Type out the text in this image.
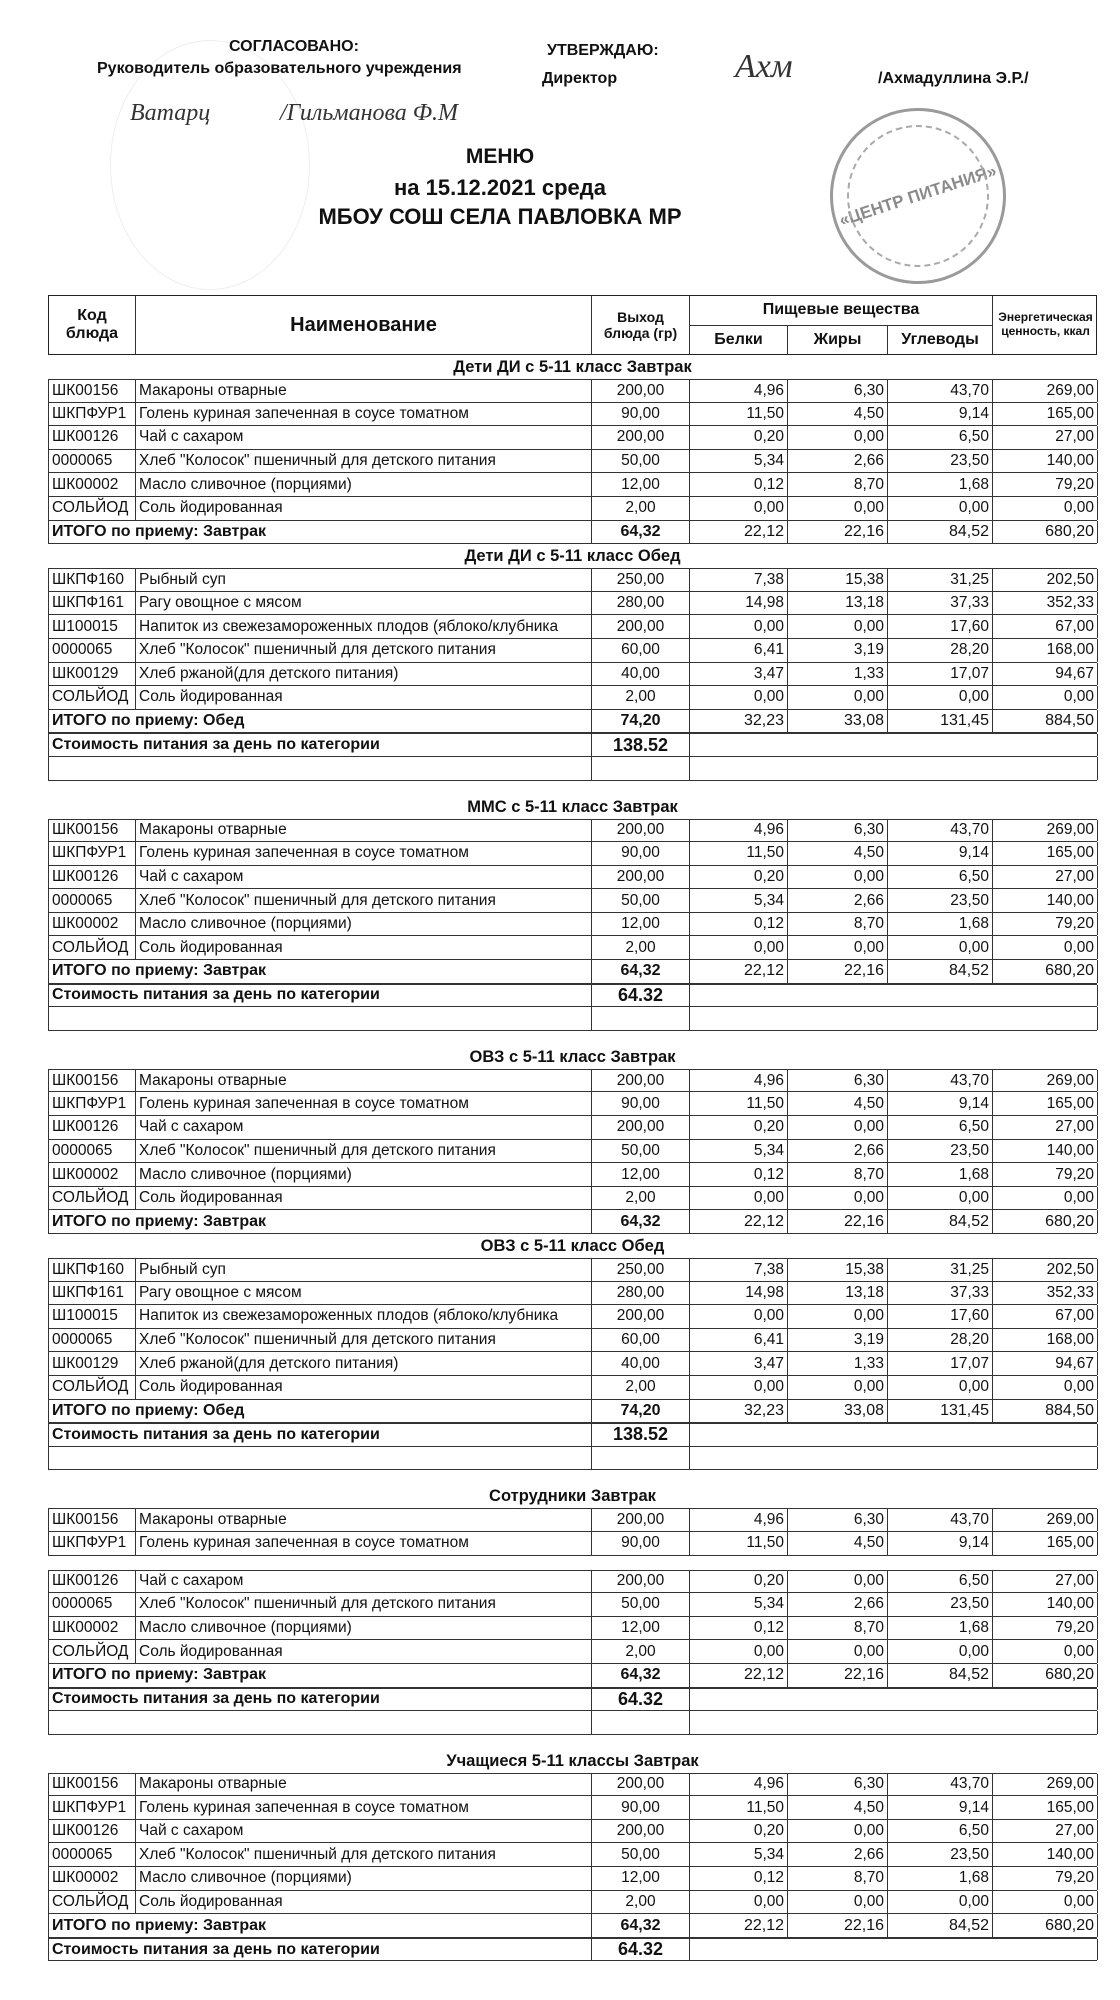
СОГЛАСОВАНО:
Руководитель образовательного учреждения
Ватарц	/Гильманова Ф.М
УТВЕРЖДАЮ:
Директор	Ахм	/Ахмадуллина Э.Р./
«ЦЕНТР ПИТАНИЯ»
МЕНЮ
на 15.12.2021 среда
МБОУ СОШ СЕЛА ПАВЛОВКА МР
Код блюда	Наименование	Выход блюда (гр)
Пищевые вещества	Энергетическая ценность, ккал
Белки	Жиры	Углеводы
Дети ДИ с 5-11 класс Завтрак
ШК00156	Макароны отварные	200,00	4,96	6,30	43,70	269,00
ШКПФУР1 Голень куриная запеченная в соусе томатном	90,00	11,50	4,50	9,14	165,00
ШК00126	Чай с сахаром	200,00	0,20	0,00	6,50	27,00
0000065	Хлеб "Колосок" пшеничный для детского питания	50,00	5,34	2,66	23,50	140,00
ШК00002	Масло сливочное (порциями)	12,00	0,12	8,70	1,68	79,20
СОЛЬЙОД Соль йодированная	2,00	0,00	0,00	0,00	0,00
ИТОГО по приему: Завтрак	64,32	22,12	22,16	84,52	680,20
Дети ДИ с 5-11 класс Обед
ШКПФ160 Рыбный суп	250,00	7,38	15,38	31,25	202,50
ШКПФ161 Рагу овощное с мясом	280,00	14,98	13,18	37,33	352,33
Ш100015	Напиток из свежезамороженных плодов (яблоко/клубника	200,00	0,00	0,00	17,60	67,00
0000065	Хлеб "Колосок" пшеничный для детского питания	60,00	6,41	3,19	28,20	168,00
ШК00129	Хлеб ржаной(для детского питания)	40,00	3,47	1,33	17,07	94,67
СОЛЬЙОД Соль йодированная	2,00	0,00	0,00	0,00	0,00
ИТОГО по приему: Обед	74,20	32,23	33,08	131,45	884,50
Стоимость питания за день по категории	138.52
ММС с 5-11 класс Завтрак
ШК00156	Макароны отварные	200,00	4,96	6,30	43,70	269,00
ШКПФУР1 Голень куриная запеченная в соусе томатном	90,00	11,50	4,50	9,14	165,00
ШК00126	Чай с сахаром	200,00	0,20	0,00	6,50	27,00
0000065	Хлеб "Колосок" пшеничный для детского питания	50,00	5,34	2,66	23,50	140,00
ШК00002	Масло сливочное (порциями)	12,00	0,12	8,70	1,68	79,20
СОЛЬЙОД Соль йодированная	2,00	0,00	0,00	0,00	0,00
ИТОГО по приему: Завтрак	64,32	22,12	22,16	84,52	680,20
Стоимость питания за день по категории	64.32
ОВЗ с 5-11 класс Завтрак
ШК00156	Макароны отварные	200,00	4,96	6,30	43,70	269,00
ШКПФУР1 Голень куриная запеченная в соусе томатном	90,00	11,50	4,50	9,14	165,00
ШК00126	Чай с сахаром	200,00	0,20	0,00	6,50	27,00
0000065	Хлеб "Колосок" пшеничный для детского питания	50,00	5,34	2,66	23,50	140,00
ШК00002	Масло сливочное (порциями)	12,00	0,12	8,70	1,68	79,20
СОЛЬЙОД Соль йодированная	2,00	0,00	0,00	0,00	0,00
ИТОГО по приему: Завтрак	64,32	22,12	22,16	84,52	680,20
ОВЗ с 5-11 класс Обед
ШКПФ160 Рыбный суп	250,00	7,38	15,38	31,25	202,50
ШКПФ161 Рагу овощное с мясом	280,00	14,98	13,18	37,33	352,33
Ш100015	Напиток из свежезамороженных плодов (яблоко/клубника	200,00	0,00	0,00	17,60	67,00
0000065	Хлеб "Колосок" пшеничный для детского питания	60,00	6,41	3,19	28,20	168,00
ШК00129	Хлеб ржаной(для детского питания)	40,00	3,47	1,33	17,07	94,67
СОЛЬЙОД Соль йодированная	2,00	0,00	0,00	0,00	0,00
ИТОГО по приему: Обед	74,20	32,23	33,08	131,45	884,50
Стоимость питания за день по категории	138.52
Сотрудники Завтрак
ШК00156	Макароны отварные	200,00	4,96	6,30	43,70	269,00
ШКПФУР1 Голень куриная запеченная в соусе томатном	90,00	11,50	4,50	9,14	165,00
ШК00126	Чай с сахаром	200,00	0,20	0,00	6,50	27,00
0000065	Хлеб "Колосок" пшеничный для детского питания	50,00	5,34	2,66	23,50	140,00
ШК00002	Масло сливочное (порциями)	12,00	0,12	8,70	1,68	79,20
СОЛЬЙОД Соль йодированная	2,00	0,00	0,00	0,00	0,00
ИТОГО по приему: Завтрак	64,32	22,12	22,16	84,52	680,20
Стоимость питания за день по категории	64.32
Учащиеся 5-11 классы Завтрак
ШК00156	Макароны отварные	200,00	4,96	6,30	43,70	269,00
ШКПФУР1 Голень куриная запеченная в соусе томатном	90,00	11,50	4,50	9,14	165,00
ШК00126	Чай с сахаром	200,00	0,20	0,00	6,50	27,00
0000065	Хлеб "Колосок" пшеничный для детского питания	50,00	5,34	2,66	23,50	140,00
ШК00002	Масло сливочное (порциями)	12,00	0,12	8,70	1,68	79,20
СОЛЬЙОД Соль йодированная	2,00	0,00	0,00	0,00	0,00
ИТОГО по приему: Завтрак	64,32	22,12	22,16	84,52	680,20
Стоимость питания за день по категории	64.32
